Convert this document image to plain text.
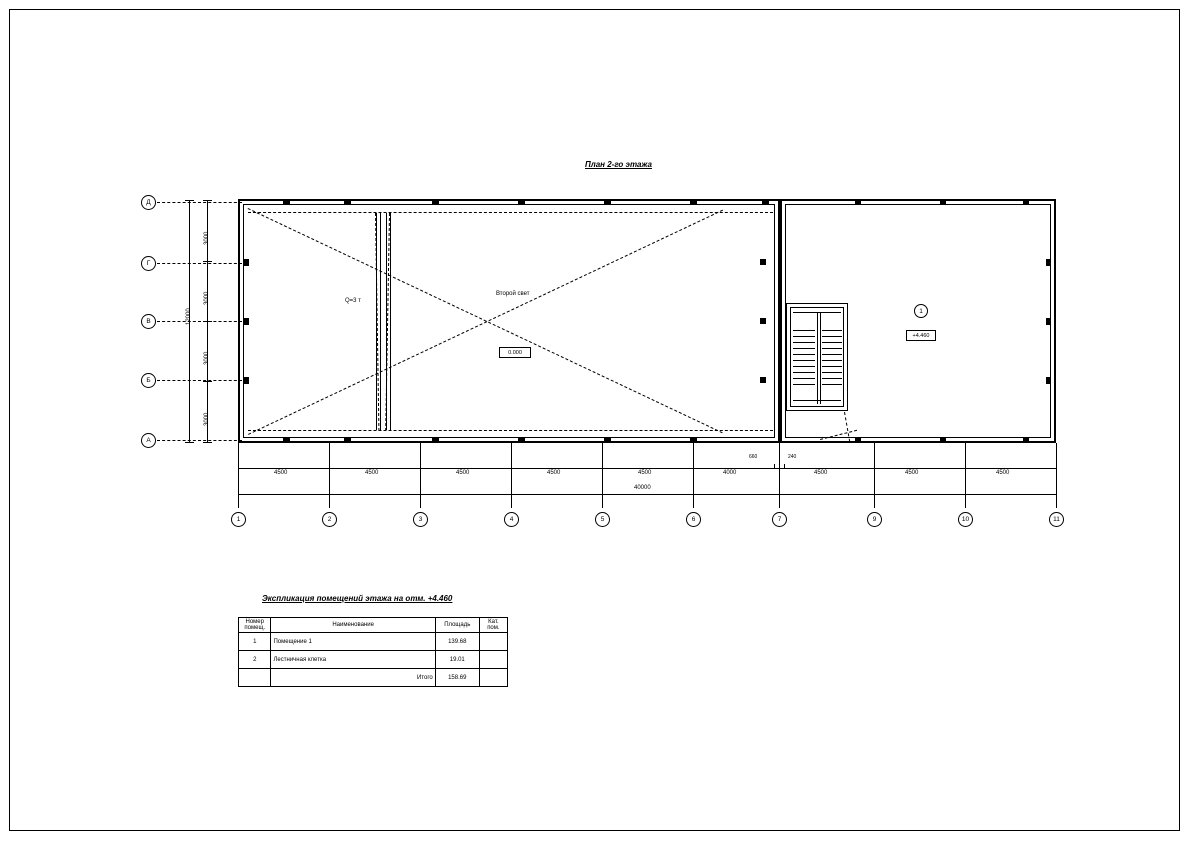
План 2-го этажа
Д
Г
В
Б
А
12000
3000
3000
3000
3000
Q=3 т
Второй свет
0.000
+4.460
1
4500	4500	4500	4500	4500	4000	4500	4500	4500
660	240
40000
1	2	3	4	5	6	7	9	10	11
Экспликация помещений этажа на отм. +4.460
Номер помещ.	Наименование	Площадь	Кат. пом.
1	Помещение 1	139.68	
2	Лестничная клетка	19.01	
	Итого	158.69	
